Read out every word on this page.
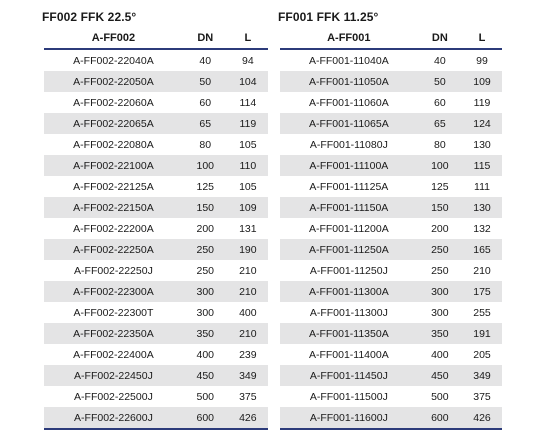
FF002 FFK 22.5°
A-FF002	DN	L
A-FF002-22040A	40	94
A-FF002-22050A	50	104
A-FF002-22060A	60	114
A-FF002-22065A	65	119
A-FF002-22080A	80	105
A-FF002-22100A	100	110
A-FF002-22125A	125	105
A-FF002-22150A	150	109
A-FF002-22200A	200	131
A-FF002-22250A	250	190
A-FF002-22250J	250	210
A-FF002-22300A	300	210
A-FF002-22300T	300	400
A-FF002-22350A	350	210
A-FF002-22400A	400	239
A-FF002-22450J	450	349
A-FF002-22500J	500	375
A-FF002-22600J	600	426
FF001 FFK 11.25°
A-FF001	DN	L
A-FF001-11040A	40	99
A-FF001-11050A	50	109
A-FF001-11060A	60	119
A-FF001-11065A	65	124
A-FF001-11080J	80	130
A-FF001-11100A	100	115
A-FF001-11125A	125	111
A-FF001-11150A	150	130
A-FF001-11200A	200	132
A-FF001-11250A	250	165
A-FF001-11250J	250	210
A-FF001-11300A	300	175
A-FF001-11300J	300	255
A-FF001-11350A	350	191
A-FF001-11400A	400	205
A-FF001-11450J	450	349
A-FF001-11500J	500	375
A-FF001-11600J	600	426
